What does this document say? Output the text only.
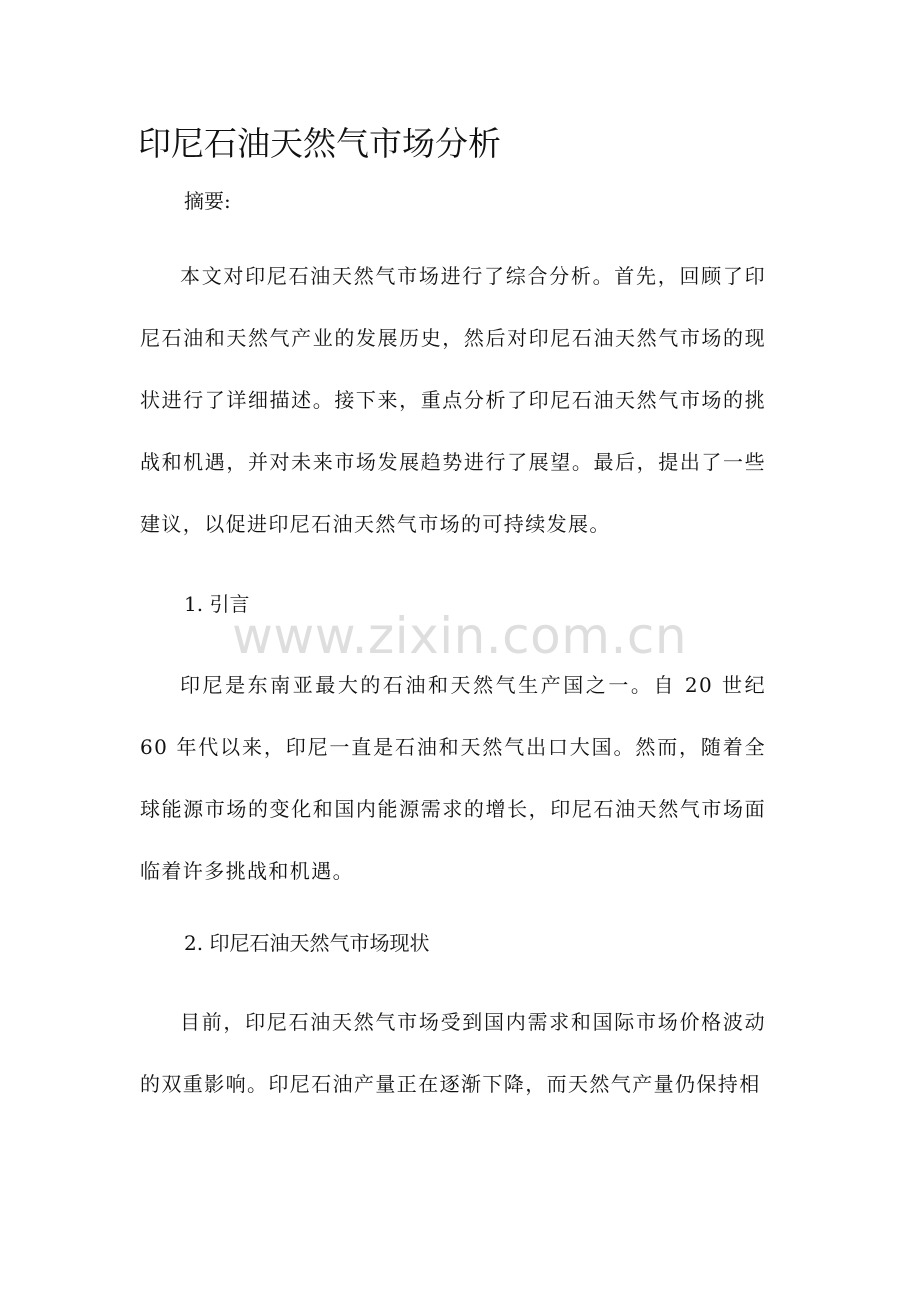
印尼石油天然气市场分析
摘要:

本文对印尼石油天然气市场进行了综合分析。首先，回顾了印尼石油和天然气产业的发展历史，然后对印尼石油天然气市场的现状进行了详细描述。接下来，重点分析了印尼石油天然气市场的挑战和机遇，并对未来市场发展趋势进行了展望。最后，提出了一些建议，以促进印尼石油天然气市场的可持续发展。

1. 引言

印尼是东南亚最大的石油和天然气生产国之一。自 20 世纪 60 年代以来，印尼一直是石油和天然气出口大国。然而，随着全球能源市场的变化和国内能源需求的增长，印尼石油天然气市场面临着许多挑战和机遇。

2. 印尼石油天然气市场现状

目前，印尼石油天然气市场受到国内需求和国际市场价格波动的双重影响。印尼石油产量正在逐渐下降，而天然气产量仍保持相

www.zixin.com.cn
